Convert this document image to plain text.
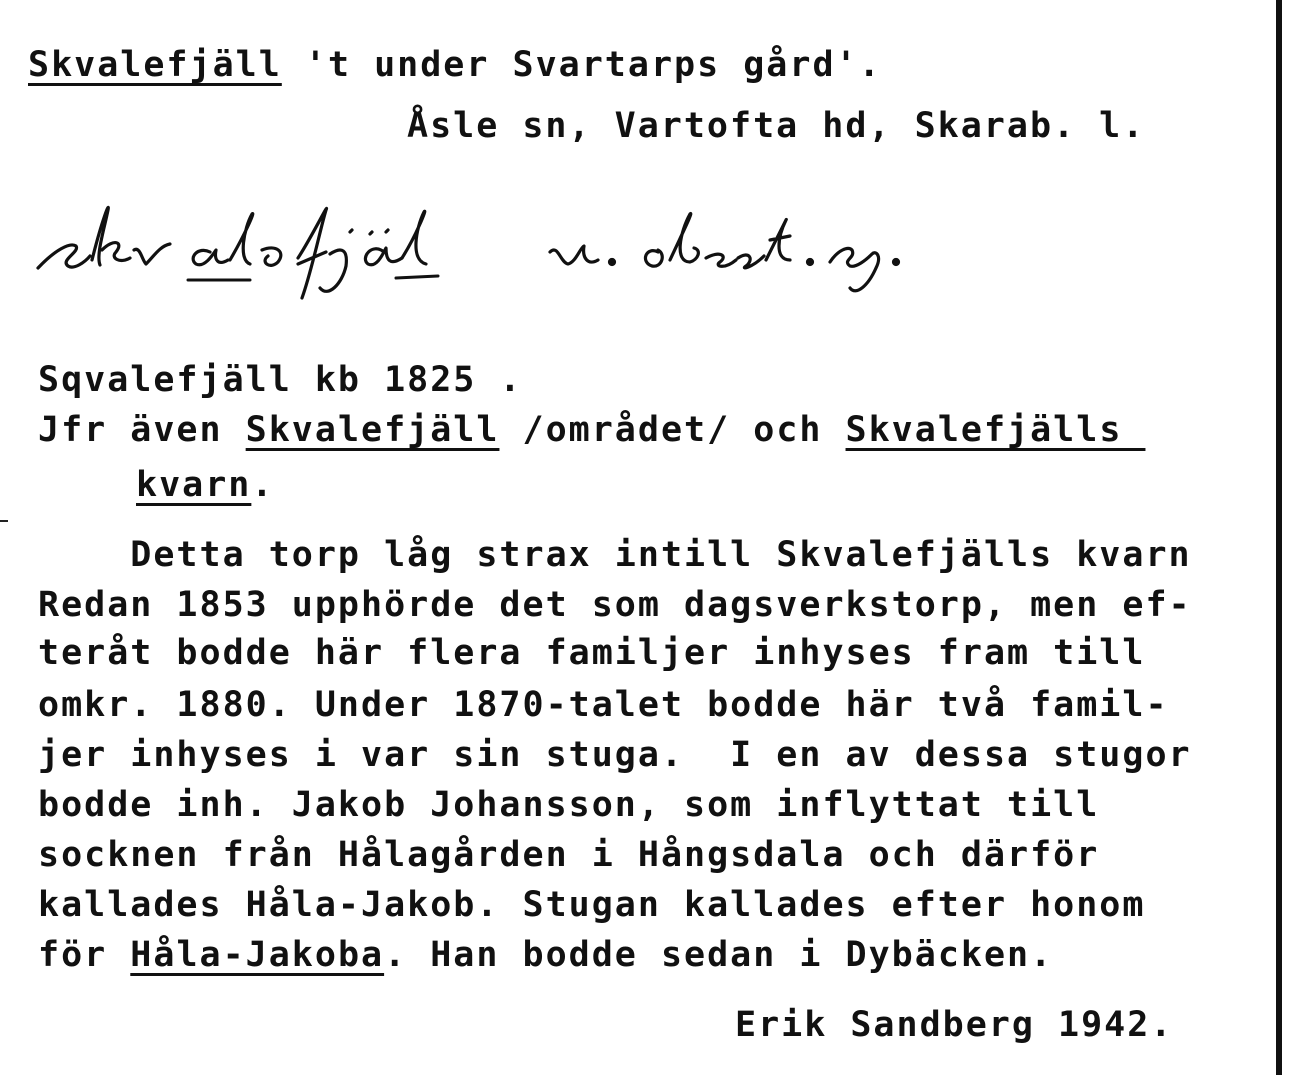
Skvalefjäll 't under Svartarps gård'.
Åsle sn, Vartofta hd, Skarab. l.
Sqvalefjäll kb 1825 .
Jfr även Skvalefjäll /området/ och Skvalefjälls
kvarn.
Detta torp låg strax intill Skvalefjälls kvarn
Redan 1853 upphörde det som dagsverkstorp, men ef-
teråt bodde här flera familjer inhyses fram till
omkr. 1880. Under 1870-talet bodde här två famil-
jer inhyses i var sin stuga.  I en av dessa stugor
bodde inh. Jakob Johansson, som inflyttat till
socknen från Hålagården i Hångsdala och därför
kallades Håla-Jakob. Stugan kallades efter honom
för Håla-Jakoba. Han bodde sedan i Dybäcken.
Erik Sandberg 1942.
